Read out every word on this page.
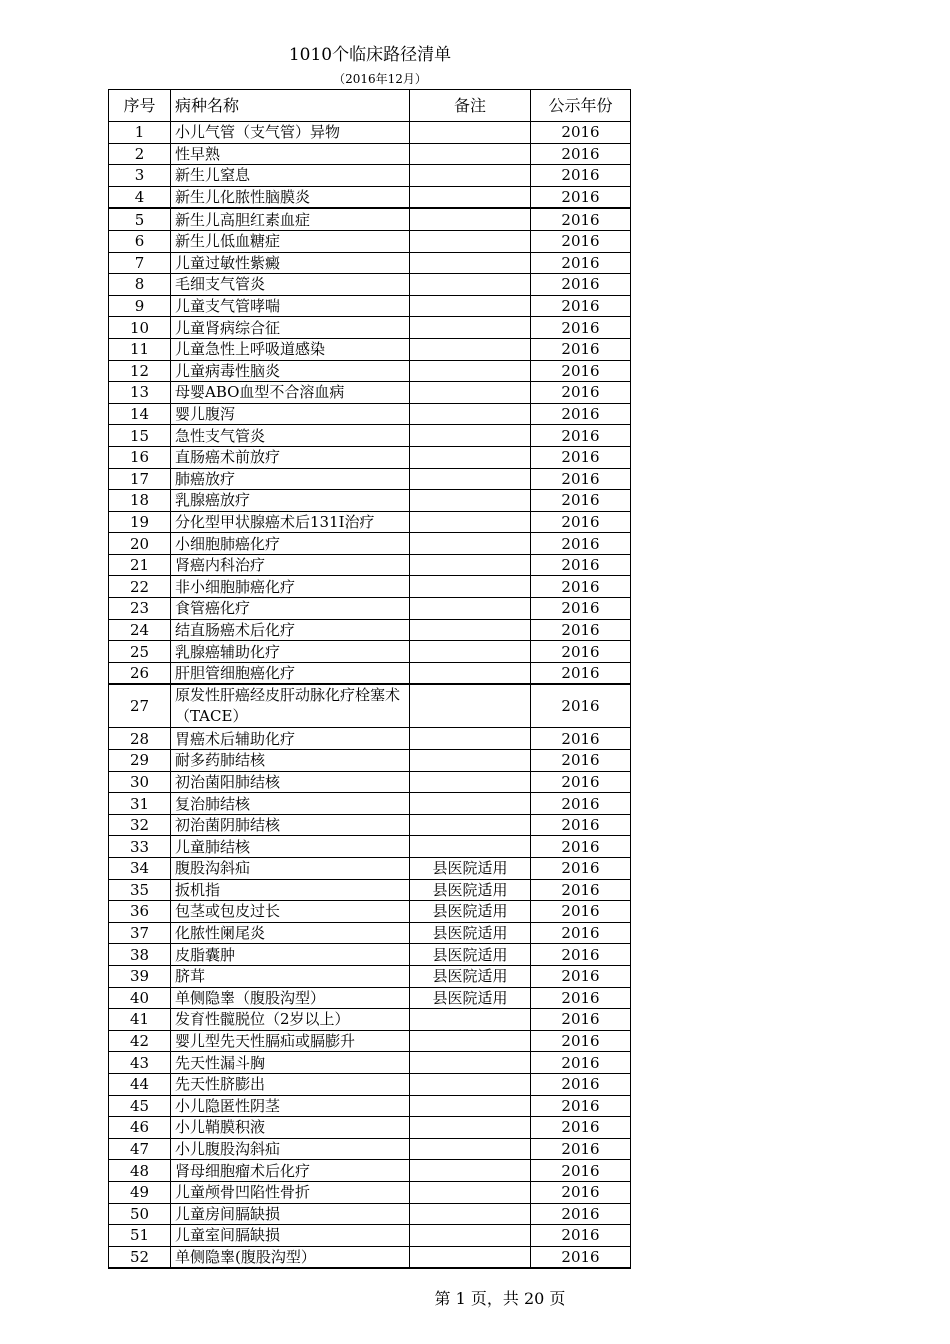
1010个临床路径清单
（2016年12月）
序号	病种名称	备注	公示年份
1	小儿气管（支气管）异物		2016
2	性早熟		2016
3	新生儿窒息		2016
4	新生儿化脓性脑膜炎		2016
5	新生儿高胆红素血症		2016
6	新生儿低血糖症		2016
7	儿童过敏性紫癜		2016
8	毛细支气管炎		2016
9	儿童支气管哮喘		2016
10	儿童肾病综合征		2016
11	儿童急性上呼吸道感染		2016
12	儿童病毒性脑炎		2016
13	母婴ABO血型不合溶血病		2016
14	婴儿腹泻		2016
15	急性支气管炎		2016
16	直肠癌术前放疗		2016
17	肺癌放疗		2016
18	乳腺癌放疗		2016
19	分化型甲状腺癌术后131I治疗		2016
20	小细胞肺癌化疗		2016
21	肾癌内科治疗		2016
22	非小细胞肺癌化疗		2016
23	食管癌化疗		2016
24	结直肠癌术后化疗		2016
25	乳腺癌辅助化疗		2016
26	肝胆管细胞癌化疗		2016
27	原发性肝癌经皮肝动脉化疗栓塞术（TACE）		2016
28	胃癌术后辅助化疗		2016
29	耐多药肺结核		2016
30	初治菌阳肺结核		2016
31	复治肺结核		2016
32	初治菌阴肺结核		2016
33	儿童肺结核		2016
34	腹股沟斜疝	县医院适用	2016
35	扳机指	县医院适用	2016
36	包茎或包皮过长	县医院适用	2016
37	化脓性阑尾炎	县医院适用	2016
38	皮脂囊肿	县医院适用	2016
39	脐茸	县医院适用	2016
40	单侧隐睾（腹股沟型）	县医院适用	2016
41	发育性髋脱位（2岁以上）		2016
42	婴儿型先天性膈疝或膈膨升		2016
43	先天性漏斗胸		2016
44	先天性脐膨出		2016
45	小儿隐匿性阴茎		2016
46	小儿鞘膜积液		2016
47	小儿腹股沟斜疝		2016
48	肾母细胞瘤术后化疗		2016
49	儿童颅骨凹陷性骨折		2016
50	儿童房间膈缺损		2016
51	儿童室间膈缺损		2016
52	单侧隐睾(腹股沟型）		2016
第 1 页，共 20 页
